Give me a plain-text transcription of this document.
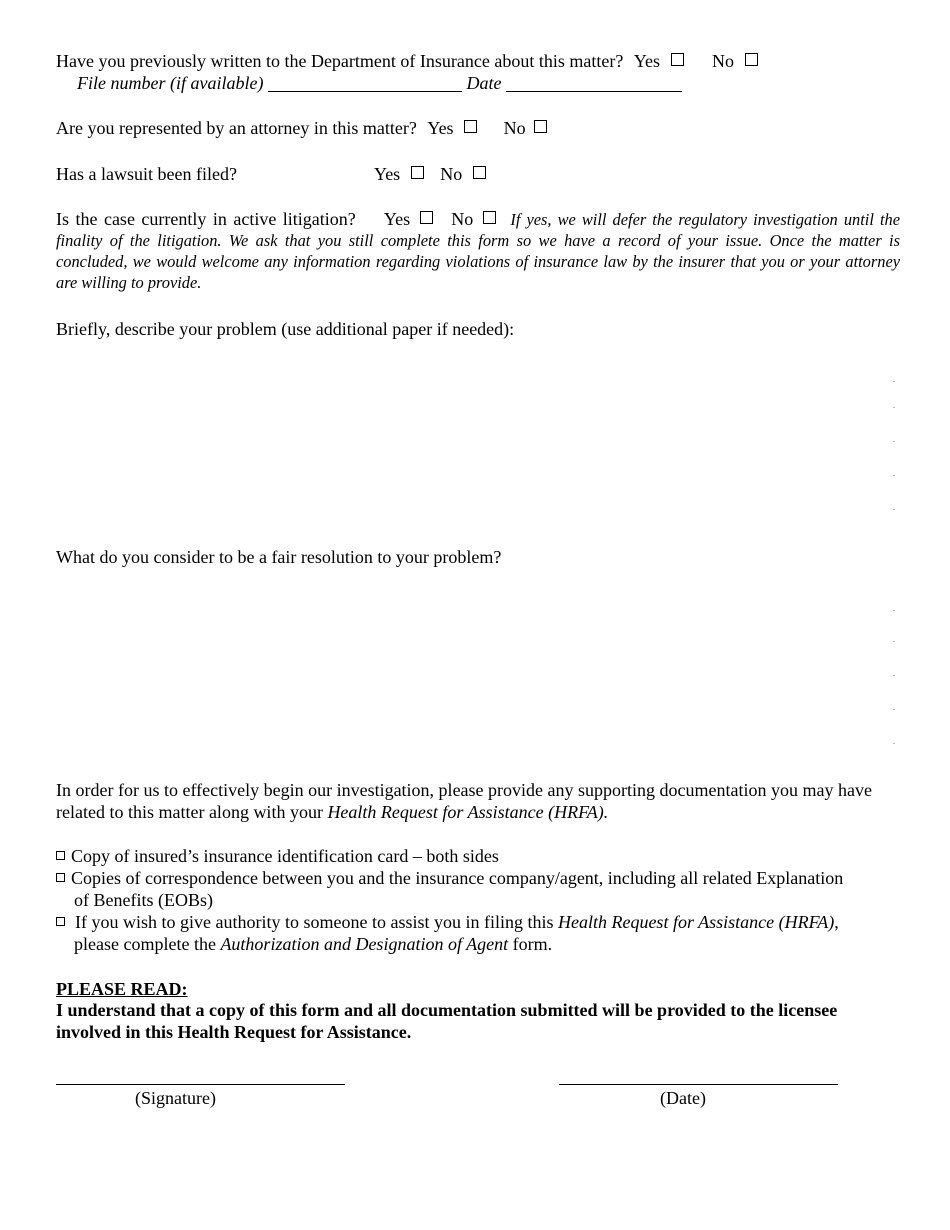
Have you previously written to the Department of Insurance about this matter? Yes	No
File number (if available)	Date
Are you represented by an attorney in this matter? Yes	No
Has a lawsuit been filed?	Yes No
Is the case currently in active litigation? Yes No If yes, we will defer the regulatory investigation until the finality of the litigation. We ask that you still complete this form so we have a record of your issue. Once the matter is concluded, we would welcome any information regarding violations of insurance law by the insurer that you or your attorney are willing to provide.
Briefly, describe your problem (use additional paper if needed):
.
.
.
.
.
What do you consider to be a fair resolution to your problem?
.
.
.
.
.
In order for us to effectively begin our investigation, please provide any supporting documentation you may have related to this matter along with your Health Request for Assistance (HRFA).
Copy of insured’s insurance identification card – both sides
Copies of correspondence between you and the insurance company/agent, including all related Explanation
of Benefits (EOBs)
If you wish to give authority to someone to assist you in filing this Health Request for Assistance (HRFA),
please complete the Authorization and Designation of Agent form.
PLEASE READ:
I understand that a copy of this form and all documentation submitted will be provided to the licensee involved in this Health Request for Assistance.
(Signature)	(Date)
